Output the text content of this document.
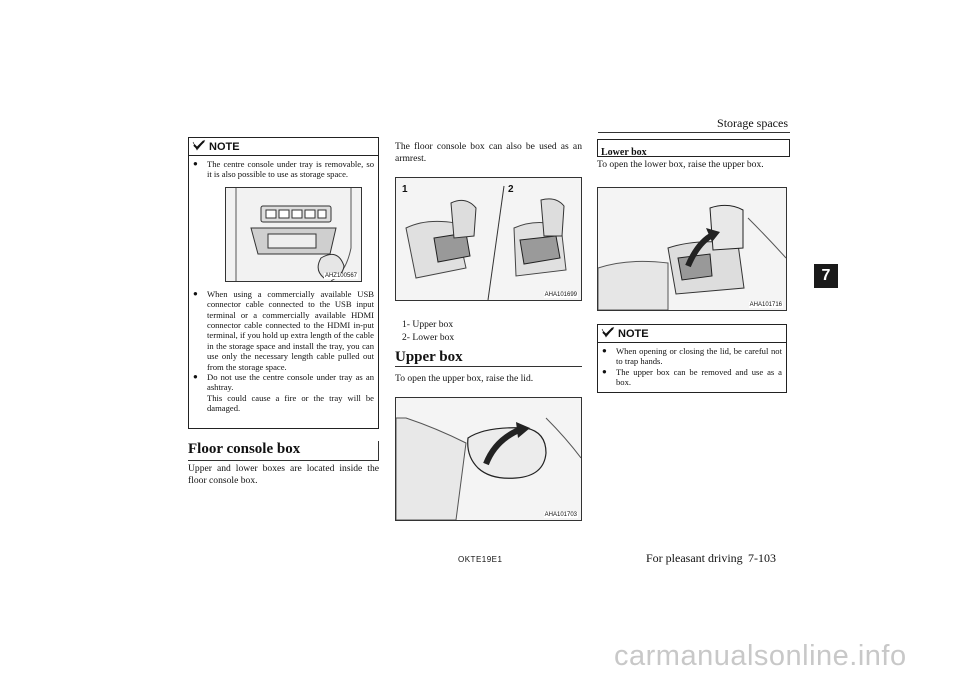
Storage spaces
7
NOTE
●	The centre console under tray is removable, so it is also possible to use as storage space.
AHZ100567
●	When using a commercially available USB connector cable connected to the USB input terminal or a commercially available HDMI connector cable connected to the HDMI in-put terminal, if you hold up extra length of the cable in the storage space and install the tray, you can use only the necessary length cable pulled out from the storage space.
●	Do not use the centre console under tray as an ashtray.
This could cause a fire or the tray will be damaged.
Floor console box
Upper and lower boxes are located inside the floor console box.
The floor console box can also be used as an armrest.
1	2
AHA101699
1- Upper box
2- Lower box
Upper box
To open the upper box, raise the lid.
AHA101703
Lower box
To open the lower box, raise the upper box.
AHA101716
NOTE
●	When opening or closing the lid, be careful not to trap hands.
●	The upper box can be removed and use as a box.
OKTE19E1	For pleasant driving 7-103
carmanualsonline.info
